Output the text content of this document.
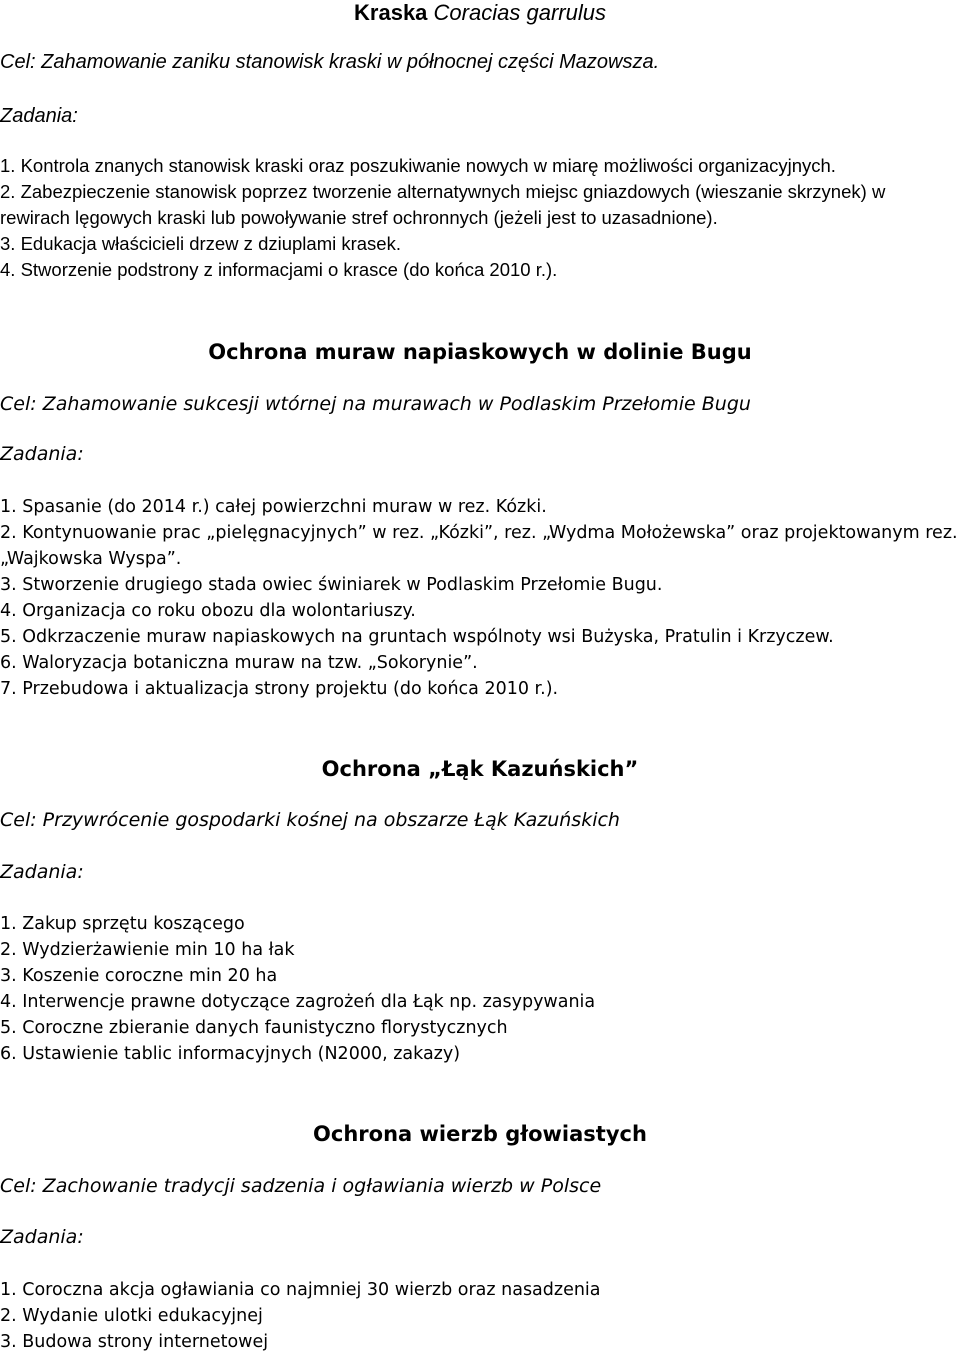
Kraska Coracias garrulus
Cel: Zahamowanie zaniku stanowisk kraski w północnej części Mazowsza.
Zadania:
1. Kontrola znanych stanowisk kraski oraz poszukiwanie nowych w miarę możliwości organizacyjnych.
2. Zabezpieczenie stanowisk poprzez tworzenie alternatywnych miejsc gniazdowych (wieszanie skrzynek) w rewirach lęgowych kraski lub powoływanie stref ochronnych (jeżeli jest to uzasadnione).
3. Edukacja właścicieli drzew z dziuplami krasek.
4. Stworzenie podstrony z informacjami o krasce (do końca 2010 r.).
Ochrona muraw napiaskowych w dolinie Bugu
Cel: Zahamowanie sukcesji wtórnej na murawach w Podlaskim Przełomie Bugu
Zadania:
1. Spasanie (do 2014 r.) całej powierzchni muraw w rez. Kózki.
2. Kontynuowanie prac „pielęgnacyjnych” w rez. „Kózki”, rez. „Wydma Mołożewska” oraz projektowanym rez. „Wajkowska Wyspa”.
3. Stworzenie drugiego stada owiec świniarek w Podlaskim Przełomie Bugu.
4. Organizacja co roku obozu dla wolontariuszy.
5. Odkrzaczenie muraw napiaskowych na gruntach wspólnoty wsi Bużyska, Pratulin i Krzyczew.
6. Waloryzacja botaniczna muraw na tzw. „Sokorynie”.
7. Przebudowa i aktualizacja strony projektu (do końca 2010 r.).
Ochrona „Łąk Kazuńskich”
Cel: Przywrócenie gospodarki kośnej na obszarze Łąk Kazuńskich
Zadania:
1. Zakup sprzętu koszącego
2. Wydzierżawienie min 10 ha łak
3. Koszenie coroczne min 20 ha
4. Interwencje prawne dotyczące zagrożeń dla Łąk np. zasypywania
5. Coroczne zbieranie danych faunistyczno florystycznych
6. Ustawienie tablic informacyjnych (N2000, zakazy)
Ochrona wierzb głowiastych
Cel: Zachowanie tradycji sadzenia i ogławiania wierzb w Polsce
Zadania:
1. Coroczna akcja ogławiania co najmniej 30 wierzb oraz nasadzenia
2. Wydanie ulotki edukacyjnej
3. Budowa strony internetowej
